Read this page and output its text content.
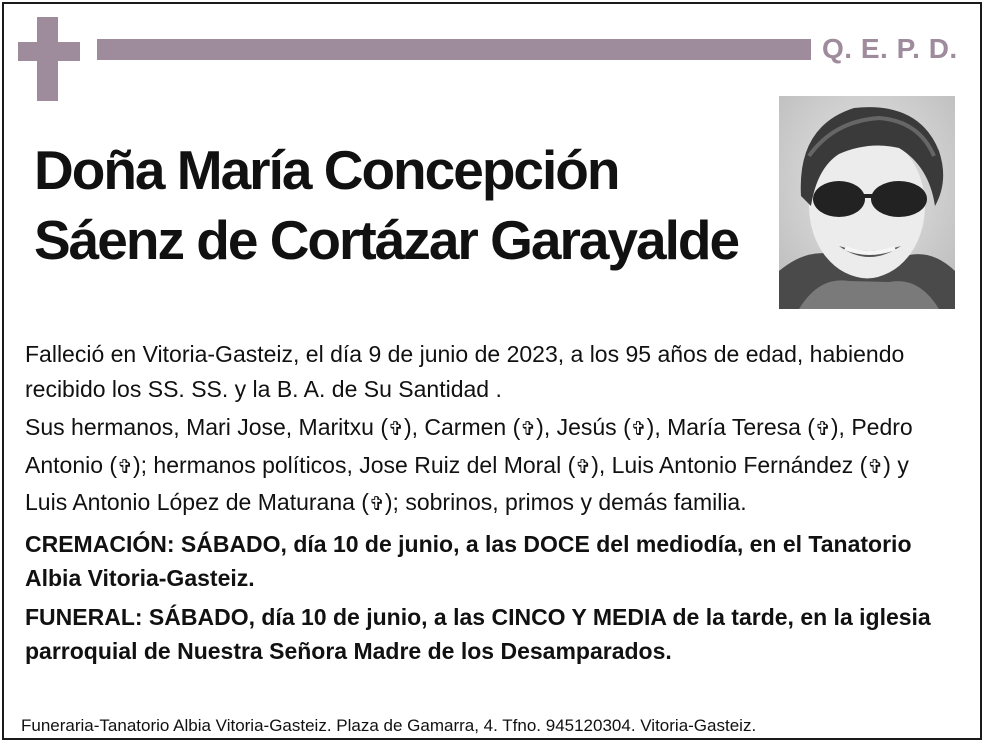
Q. E. P. D.
Doña María Concepción
Sáenz de Cortázar Garayalde

Falleció en Vitoria-Gasteiz, el día 9 de junio de 2023, a los 95 años de edad, habiendo recibido los SS. SS. y la B. A. de Su Santidad .

Sus hermanos, Mari Jose, Maritxu (✞), Carmen (✞), Jesús (✞), María Teresa (✞), Pedro Antonio (✞); hermanos políticos, Jose Ruiz del Moral (✞), Luis Antonio Fernández (✞) y Luis Antonio López de Maturana (✞); sobrinos, primos y demás familia.

CREMACIÓN: SÁBADO, día 10 de junio, a las DOCE del mediodía, en el Tanatorio Albia Vitoria-Gasteiz.

FUNERAL: SÁBADO, día 10 de junio, a las CINCO Y MEDIA de la tarde, en la iglesia parroquial de Nuestra Señora Madre de los Desamparados.

Funeraria-Tanatorio Albia Vitoria-Gasteiz. Plaza de Gamarra, 4. Tfno. 945120304. Vitoria-Gasteiz.
